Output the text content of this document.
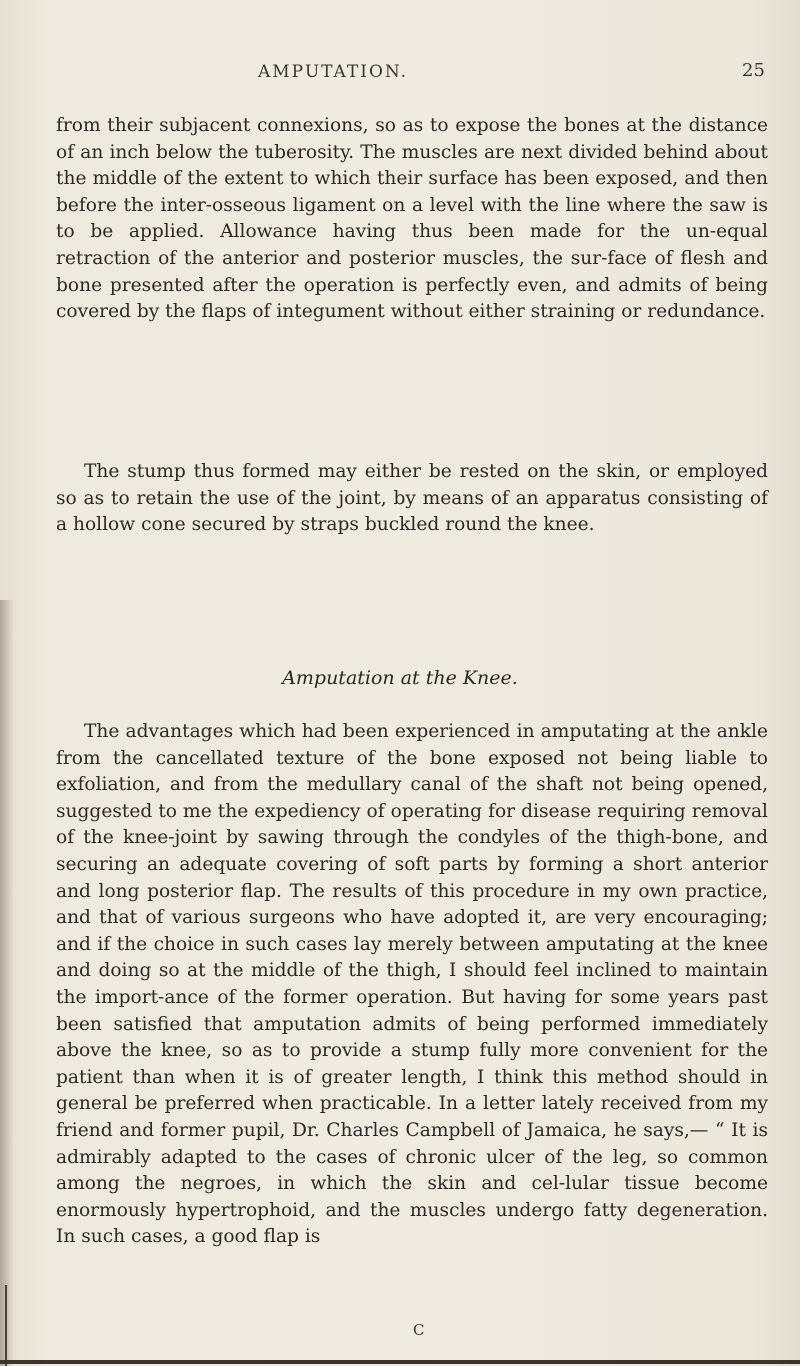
AMPUTATION.	25

from their subjacent connexions, so as to expose the bones at the distance of an inch below the tuberosity. The muscles are next divided behind about the middle of the extent to which their surface has been exposed, and then before the inter-osseous ligament on a level with the line where the saw is to be applied. Allowance having thus been made for the un-equal retraction of the anterior and posterior muscles, the sur-face of flesh and bone presented after the operation is perfectly even, and admits of being covered by the flaps of integument without either straining or redundance.

The stump thus formed may either be rested on the skin, or employed so as to retain the use of the joint, by means of an apparatus consisting of a hollow cone secured by straps buckled round the knee.

Amputation at the Knee.

The advantages which had been experienced in amputating at the ankle from the cancellated texture of the bone exposed not being liable to exfoliation, and from the medullary canal of the shaft not being opened, suggested to me the expediency of operating for disease requiring removal of the knee-joint by sawing through the condyles of the thigh-bone, and securing an adequate covering of soft parts by forming a short anterior and long posterior flap. The results of this procedure in my own practice, and that of various surgeons who have adopted it, are very encouraging; and if the choice in such cases lay merely between amputating at the knee and doing so at the middle of the thigh, I should feel inclined to maintain the import-ance of the former operation. But having for some years past been satisfied that amputation admits of being performed immediately above the knee, so as to provide a stump fully more convenient for the patient than when it is of greater length, I think this method should in general be preferred when practicable. In a letter lately received from my friend and former pupil, Dr. Charles Campbell of Jamaica, he says,— “ It is admirably adapted to the cases of chronic ulcer of the leg, so common among the negroes, in which the skin and cel-lular tissue become enormously hypertrophoid, and the muscles undergo fatty degeneration. In such cases, a good flap is

C
